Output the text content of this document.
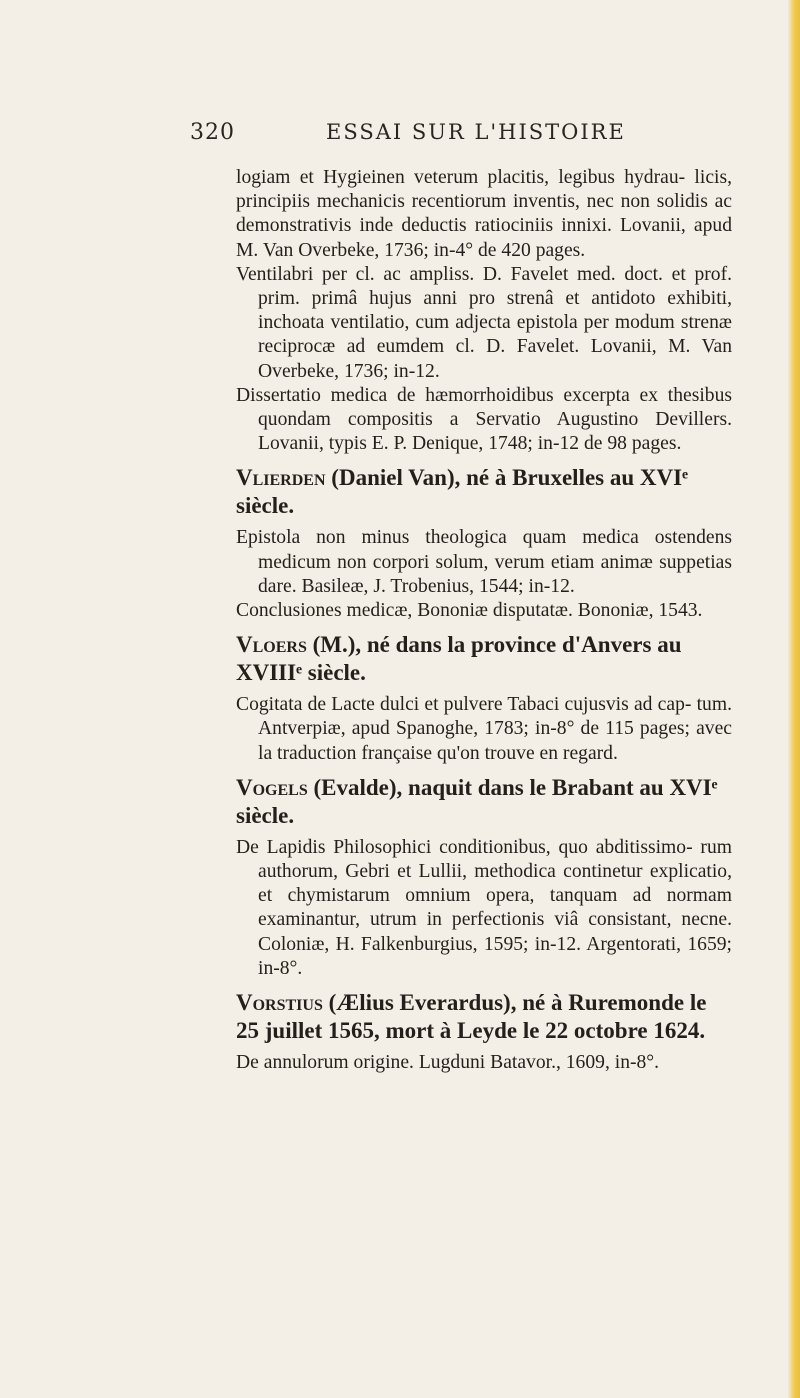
320	ESSAI SUR L'HISTOIRE

logiam et Hygieinen veterum placitis, legibus hydrau- licis, principiis mechanicis recentiorum inventis, nec non solidis ac demonstrativis inde deductis ratiociniis innixi. Lovanii, apud M. Van Overbeke, 1736; in-4° de 420 pages.

Ventilabri per cl. ac ampliss. D. Favelet med. doct. et prof. prim. primâ hujus anni pro strenâ et antidoto exhibiti, inchoata ventilatio, cum adjecta epistola per modum strenæ reciprocæ ad eumdem cl. D. Favelet. Lovanii, M. Van Overbeke, 1736; in-12.

Dissertatio medica de hæmorrhoidibus excerpta ex thesibus quondam compositis a Servatio Augustino Devillers. Lovanii, typis E. P. Denique, 1748; in-12 de 98 pages.

Vlierden (Daniel Van), né à Bruxelles au XVIᵉ siècle.

Epistola non minus theologica quam medica ostendens medicum non corpori solum, verum etiam animæ suppetias dare. Basileæ, J. Trobenius, 1544; in-12.

Conclusiones medicæ, Bononiæ disputatæ. Bononiæ, 1543.

Vloers (M.), né dans la province d'Anvers au XVIIIᵉ siècle.

Cogitata de Lacte dulci et pulvere Tabaci cujusvis ad cap- tum. Antverpiæ, apud Spanoghe, 1783; in-8° de 115 pages; avec la traduction française qu'on trouve en regard.

Vogels (Evalde), naquit dans le Brabant au XVIᵉ siècle.

De Lapidis Philosophici conditionibus, quo abditissimo- rum authorum, Gebri et Lullii, methodica continetur explicatio, et chymistarum omnium opera, tanquam ad normam examinantur, utrum in perfectionis viâ consistant, necne. Coloniæ, H. Falkenburgius, 1595; in-12. Argentorati, 1659; in-8°.

Vorstius (Ælius Everardus), né à Ruremonde le 25 juillet 1565, mort à Leyde le 22 octobre 1624.

De annulorum origine. Lugduni Batavor., 1609, in-8°.
